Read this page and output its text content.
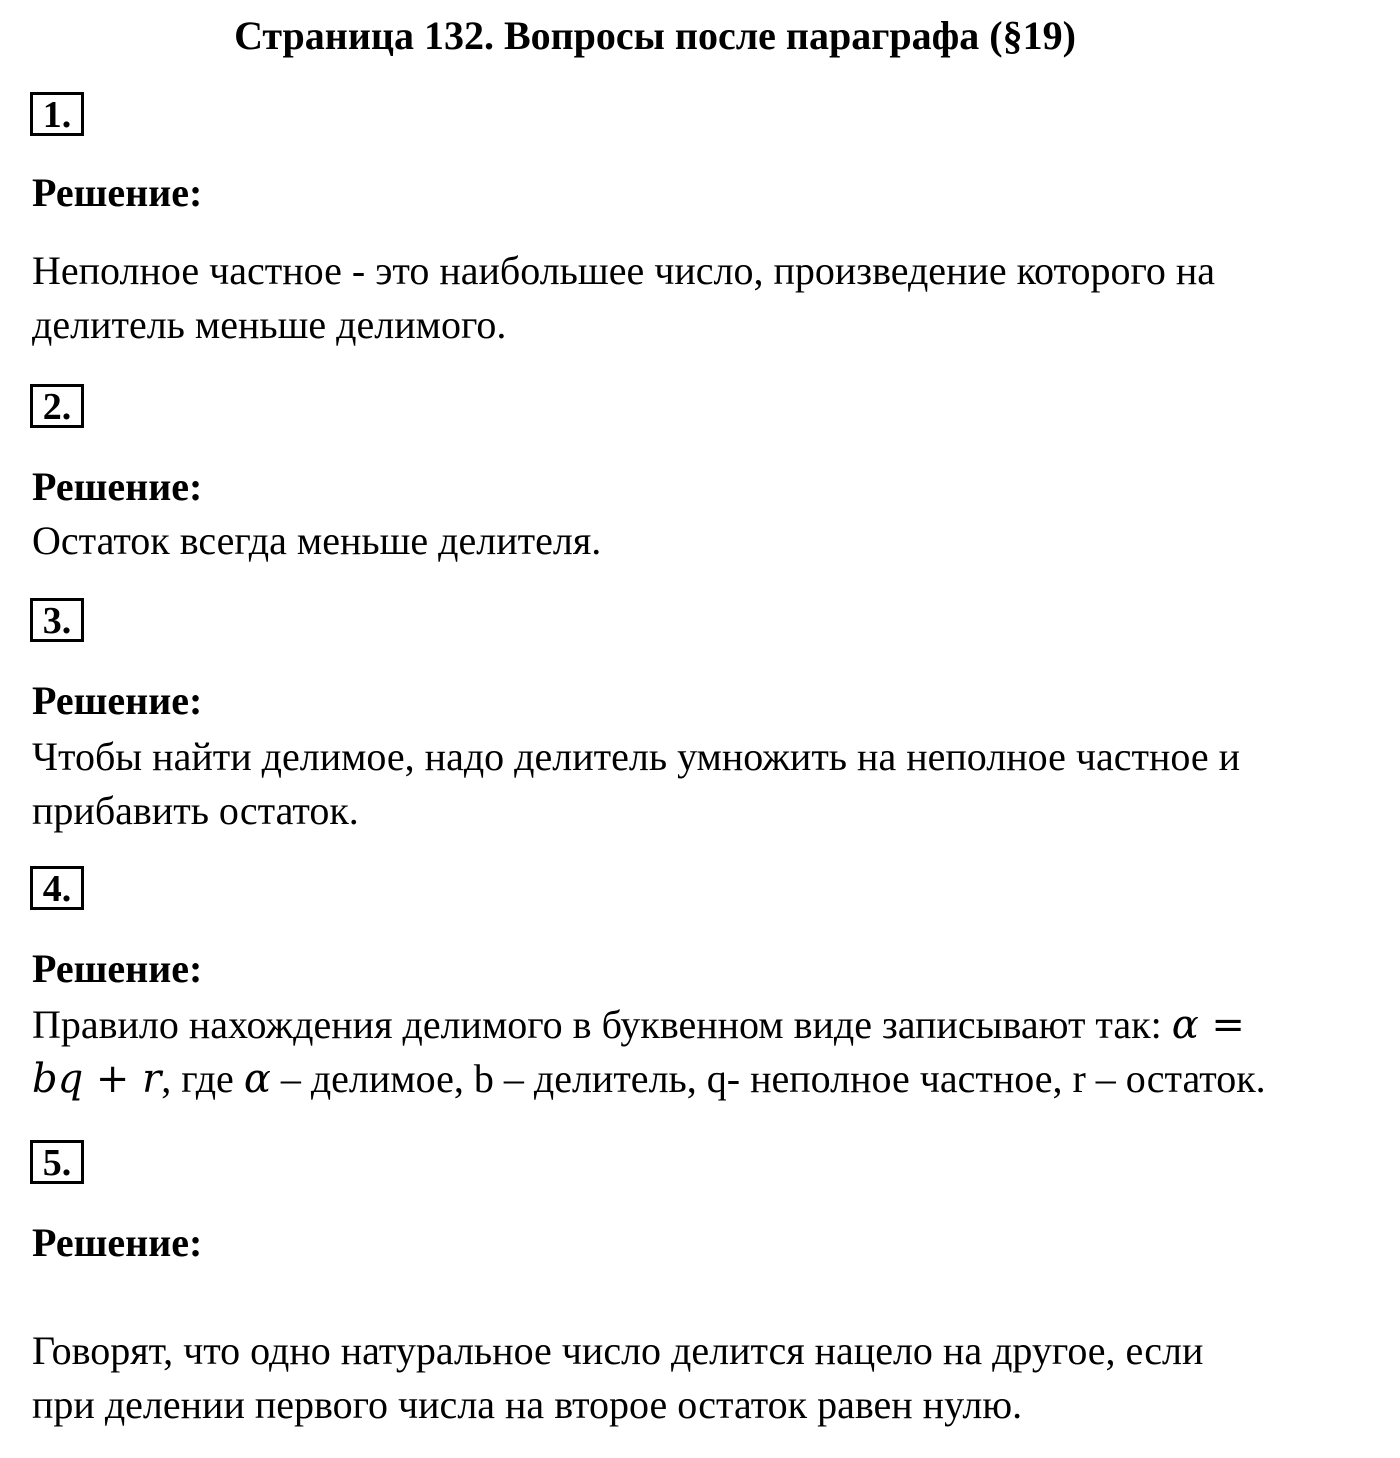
Страница 132. Вопросы после параграфа (§19)
1.
Решение:
Неполное частное - это наибольшее число, произведение которого на
делитель меньше делимого.
2.
Решение:
Остаток всегда меньше делителя.
3.
Решение:
Чтобы найти делимое, надо делитель умножить на неполное частное и
прибавить остаток.
4.
Решение:
Правило нахождения делимого в буквенном виде записывают так: α =
bq + r, где α – делимое, b – делитель, q- неполное частное, r – остаток.
5.
Решение:
Говорят, что одно натуральное число делится нацело на другое, если
при делении первого числа на второе остаток равен нулю.
